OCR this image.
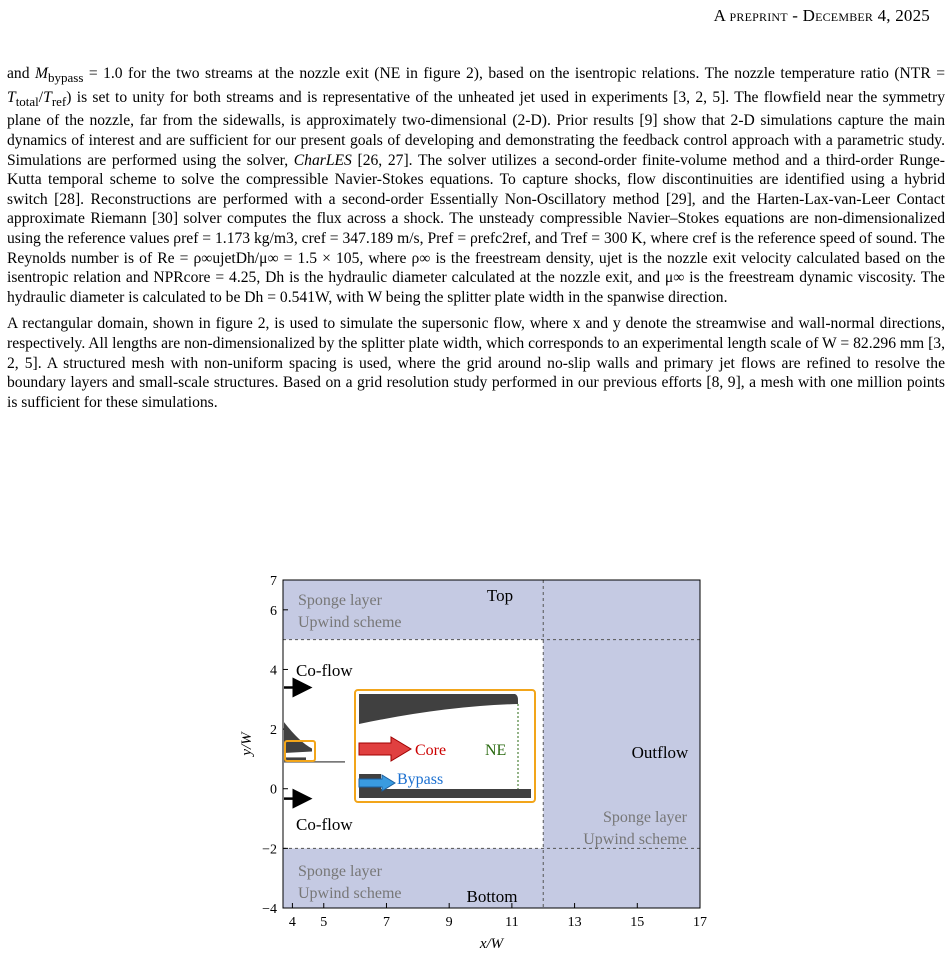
A preprint - December 4, 2025

and $M_{bypass} = 1.0$ for the two streams at the nozzle exit (NE in figure 2), based on the isentropic relations. The nozzle temperature ratio $(NTR = T_{total}/T_{ref})$ is set to unity for both streams and is representative of the unheated jet used in experiments [3, 2, 5]. The flowfield near the symmetry plane of the nozzle, far from the sidewalls, is approximately two-dimensional (2-D). Prior results [9] show that 2-D simulations capture the main dynamics of interest and are sufficient for our present goals of developing and demonstrating the feedback control approach with a parametric study. Simulations are performed using the solver, CharLES [26, 27]. The solver utilizes a second-order finite-volume method and a third-order Runge-Kutta temporal scheme to solve the compressible Navier-Stokes equations. To capture shocks, flow discontinuities are identified using a hybrid switch [28]. Reconstructions are performed with a second-order Essentially Non-Oscillatory method [29], and the Harten-Lax-van-Leer Contact approximate Riemann [30] solver computes the flux across a shock. The unsteady compressible Navier–Stokes equations are non-dimensionalized using the reference values ρref = 1.173 kg/m3, cref = 347.189 m/s, Pref = ρrefc2ref, and Tref = 300 K, where cref is the reference speed of sound. The Reynolds number is of Re = ρ∞ujetDh/μ∞ = 1.5 × 105, where ρ∞ is the freestream density, ujet is the nozzle exit velocity calculated based on the isentropic relation and NPRcore = 4.25, Dh is the hydraulic diameter calculated at the nozzle exit, and μ∞ is the freestream dynamic viscosity. The hydraulic diameter is calculated to be Dh = 0.541W, with W being the splitter plate width in the spanwise direction.

A rectangular domain, shown in figure 2, is used to simulate the supersonic flow, where x and y denote the streamwise and wall-normal directions, respectively. All lengths are non-dimensionalized by the splitter plate width, which corresponds to an experimental length scale of W = 82.296 mm [3, 2, 5]. A structured mesh with non-uniform spacing is used, where the grid around no-slip walls and primary jet flows are refined to resolve the boundary layers and small-scale structures. Based on a grid resolution study performed in our previous efforts [8, 9], a mesh with one million points is sufficient for these simulations.

4 5	7	9	11	13	15	17
−4
−2
0
2
4
6
7
x/W
y/W
Top
Bottom
Outflow
Sponge layer
Upwind scheme
Sponge layer
Upwind scheme
Sponge layer
Upwind scheme
Co-flow
Co-flow
Core NE
Bypass
